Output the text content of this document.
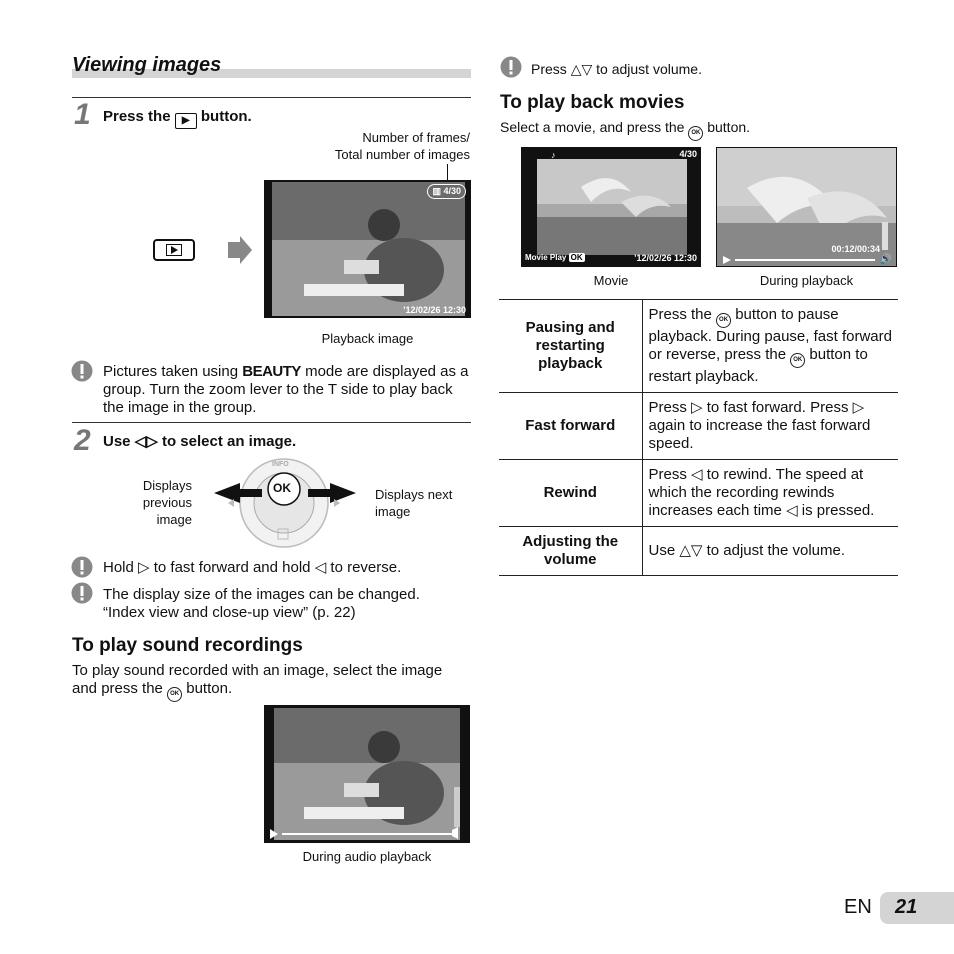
Viewing images
1 Press the ▶ button.
Number of frames/
Total number of images
▥ 4/30
’12/02/26 12:30
Playback image
Pictures taken using BEAUTY mode are displayed as a group. Turn the zoom lever to the T side to play back the image in the group.
2 Use ◁▷ to select an image.
Displays
previous
image
Displays next
image
INFO
OK
Hold ▷ to fast forward and hold ◁ to reverse.
The display size of the images can be changed.
“Index view and close-up view” (p. 22)
To play sound recordings
To play sound recorded with an image, select the image and press the OK button.
During audio playback
Press △▽ to adjust volume.
To play back movies
Select a movie, and press the OK button.
♪	4/30
Movie Play OK	’12/02/26 12:30
00:12/00:34
🔊
Movie	During playback
Pausing and restarting playback	Press the OK button to pause playback. During pause, fast forward or reverse, press the OK button to restart playback.
Fast forward	Press ▷ to fast forward. Press ▷ again to increase the fast forward speed.
Rewind	Press ◁ to rewind. The speed at which the recording rewinds increases each time ◁ is pressed.
Adjusting the volume	Use △▽ to adjust the volume.
EN 21
